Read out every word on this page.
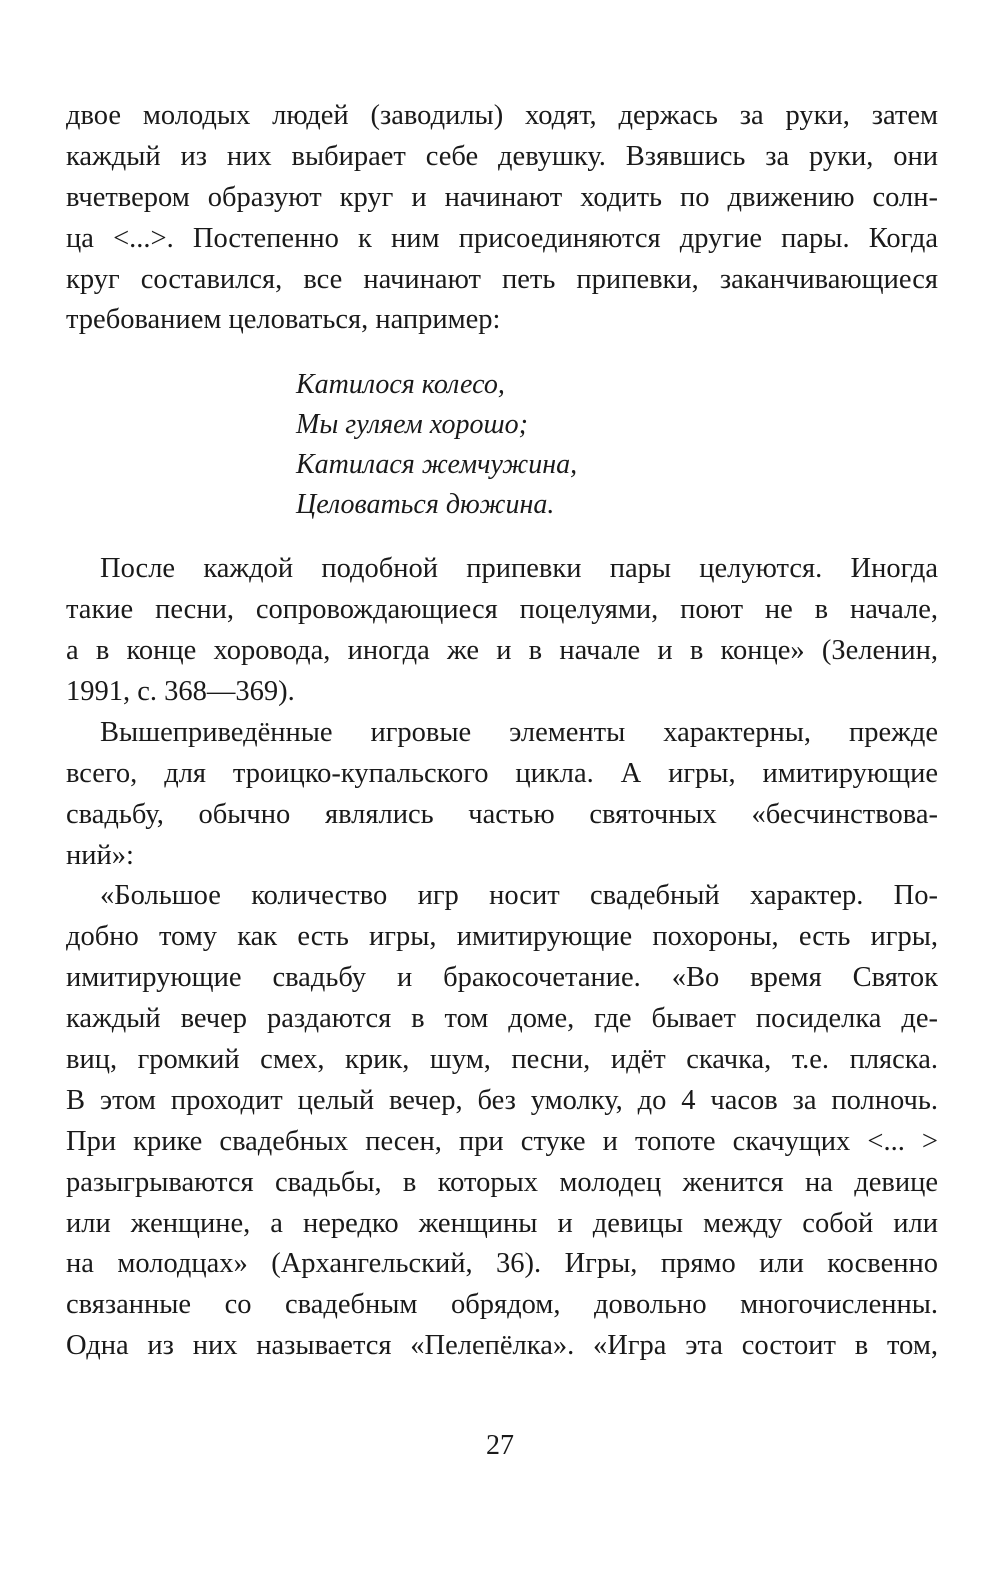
двое молодых людей (заводилы) ходят, держась за руки, затем
каждый из них выбирает себе девушку. Взявшись за руки, они
вчетвером образуют круг и начинают ходить по движению солн-
ца <...>. Постепенно к ним присоединяются другие пары. Когда
круг составился, все начинают петь припевки, заканчивающиеся
требованием целоваться, например:
Катилося колесо,
Мы гуляем хорошо;
Катилася жемчужина,
Целоваться дюжина.
После каждой подобной припевки пары целуются. Иногда
такие песни, сопровождающиеся поцелуями, поют не в начале,
а в конце хоровода, иногда же и в начале и в конце» (Зеленин,
1991, с. 368—369).
Вышеприведённые игровые элементы характерны, прежде
всего, для троицко-купальского цикла. А игры, имитирующие
свадьбу, обычно являлись частью святочных «бесчинствова-
ний»:
«Большое количество игр носит свадебный характер. По-
добно тому как есть игры, имитирующие похороны, есть игры,
имитирующие свадьбу и бракосочетание. «Во время Святок
каждый вечер раздаются в том доме, где бывает посиделка де-
виц, громкий смех, крик, шум, песни, идёт скачка, т.е. пляска.
В этом проходит целый вечер, без умолку, до 4 часов за полночь.
При крике свадебных песен, при стуке и топоте скачущих <... >
разыгрываются свадьбы, в которых молодец женится на девице
или женщине, а нередко женщины и девицы между собой или
на молодцах» (Архангельский, 36). Игры, прямо или косвенно
связанные со свадебным обрядом, довольно многочисленны.
Одна из них называется «Пелепёлка». «Игра эта состоит в том,
27
